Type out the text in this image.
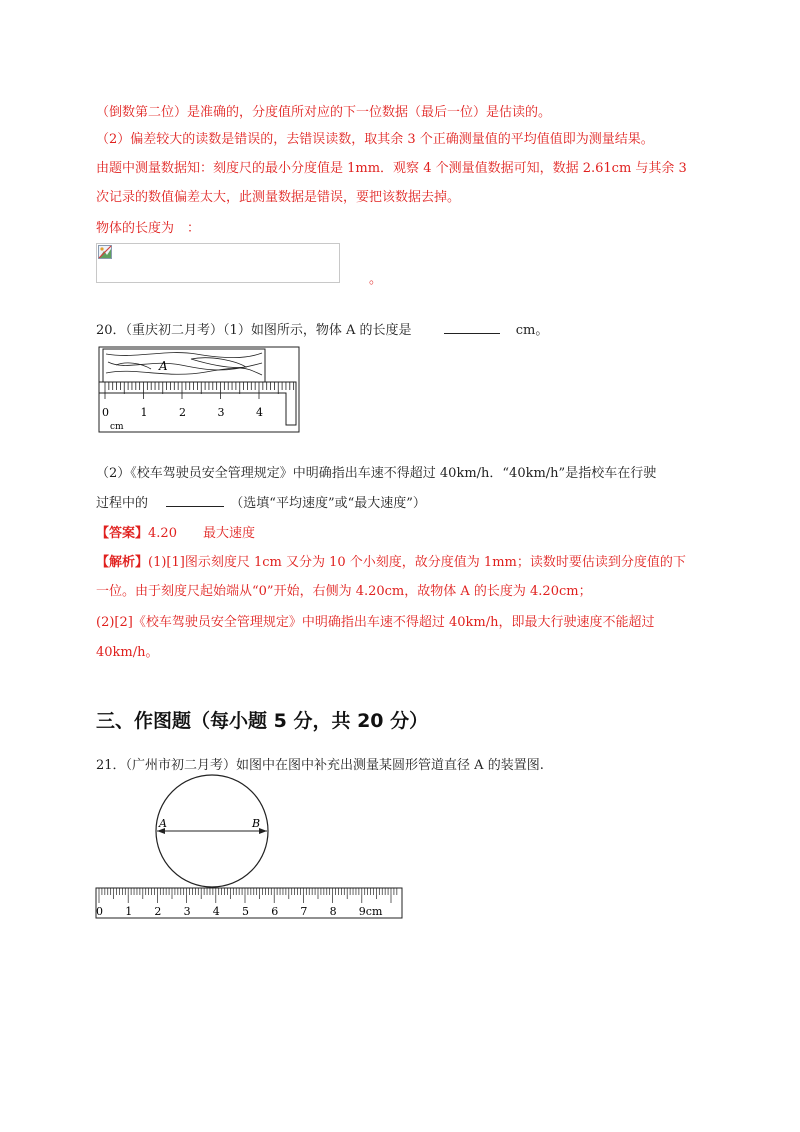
（倒数第二位）是准确的，分度值所对应的下一位数据（最后一位）是估读的。
（2）偏差较大的读数是错误的，去错误读数，取其余 3 个正确测量值的平均值值即为测量结果。
由题中测量数据知：刻度尺的最小分度值是 1mm．观察 4 个测量值数据可知，数据 2.61cm 与其余 3
次记录的数值偏差太大，此测量数据是错误，要把该数据去掉。
物体的长度为　：
。
20．（重庆初二月考）（1）如图所示，物体 A 的长度是	cm。
A
0	1	2	3	4
cm
（2）《校车驾驶员安全管理规定》中明确指出车速不得超过 40km/h．“40km/h”是指校车在行驶
过程中的	（选填“平均速度”或“最大速度”）
【答案】4.20　　最大速度
【解析】(1)[1]图示刻度尺 1cm 又分为 10 个小刻度，故分度值为 1mm；读数时要估读到分度值的下
一位。由于刻度尺起始端从“0”开始，右侧为 4.20cm，故物体 A 的长度为 4.20cm；
(2)[2]《校车驾驶员安全管理规定》中明确指出车速不得超过 40km/h，即最大行驶速度不能超过
40km/h。
三、作图题（每小题 5 分，共 20 分）
21．（广州市初二月考）如图中在图中补充出测量某圆形管道直径 A 的装置图.
A	B
0 1 2 3 4 5 6 7 8 9cm
